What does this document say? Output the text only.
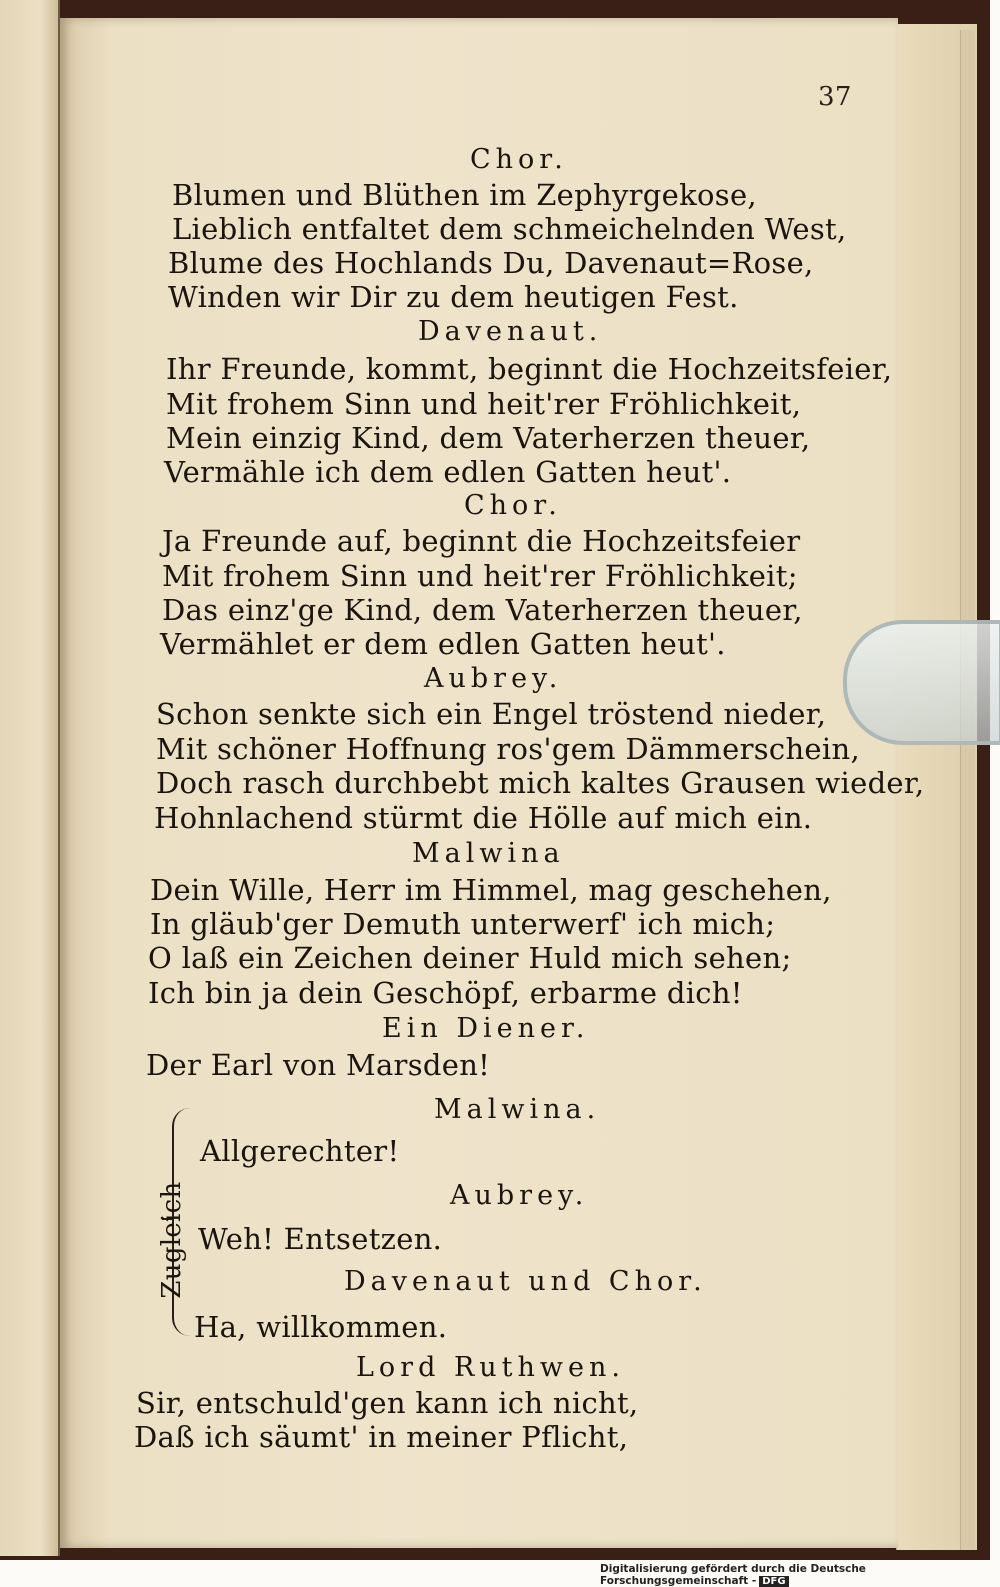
37
Chor.
Blumen und Blüthen im Zephyrgekose,
Lieblich entfaltet dem schmeichelnden West,
Blume des Hochlands Du, Davenaut=Rose,
Winden wir Dir zu dem heutigen Fest.
Davenaut.
Ihr Freunde, kommt, beginnt die Hochzeitsfeier,
Mit frohem Sinn und heit'rer Fröhlichkeit,
Mein einzig Kind, dem Vaterherzen theuer,
Vermähle ich dem edlen Gatten heut'.
Chor.
Ja Freunde auf, beginnt die Hochzeitsfeier
Mit frohem Sinn und heit'rer Fröhlichkeit;
Das einz'ge Kind, dem Vaterherzen theuer,
Vermählet er dem edlen Gatten heut'.
Aubrey.
Schon senkte sich ein Engel tröstend nieder,
Mit schöner Hoffnung ros'gem Dämmerschein,
Doch rasch durchbebt mich kaltes Grausen wieder,
Hohnlachend stürmt die Hölle auf mich ein.
Malwina
Dein Wille, Herr im Himmel, mag geschehen,
In gläub'ger Demuth unterwerf' ich mich;
O laß ein Zeichen deiner Huld mich sehen;
Ich bin ja dein Geschöpf, erbarme dich!
Ein Diener.
Der Earl von Marsden!
Malwina.
Allgerechter!
Aubrey.
Weh! Entsetzen.
Davenaut und Chor.
Ha, willkommen.
Zugleich
Lord Ruthwen.
Sir, entschuld'gen kann ich nicht,
Daß ich säumt' in meiner Pflicht,
Digitalisierung gefördert durch die Deutsche Forschungsgemeinschaft - DFG
